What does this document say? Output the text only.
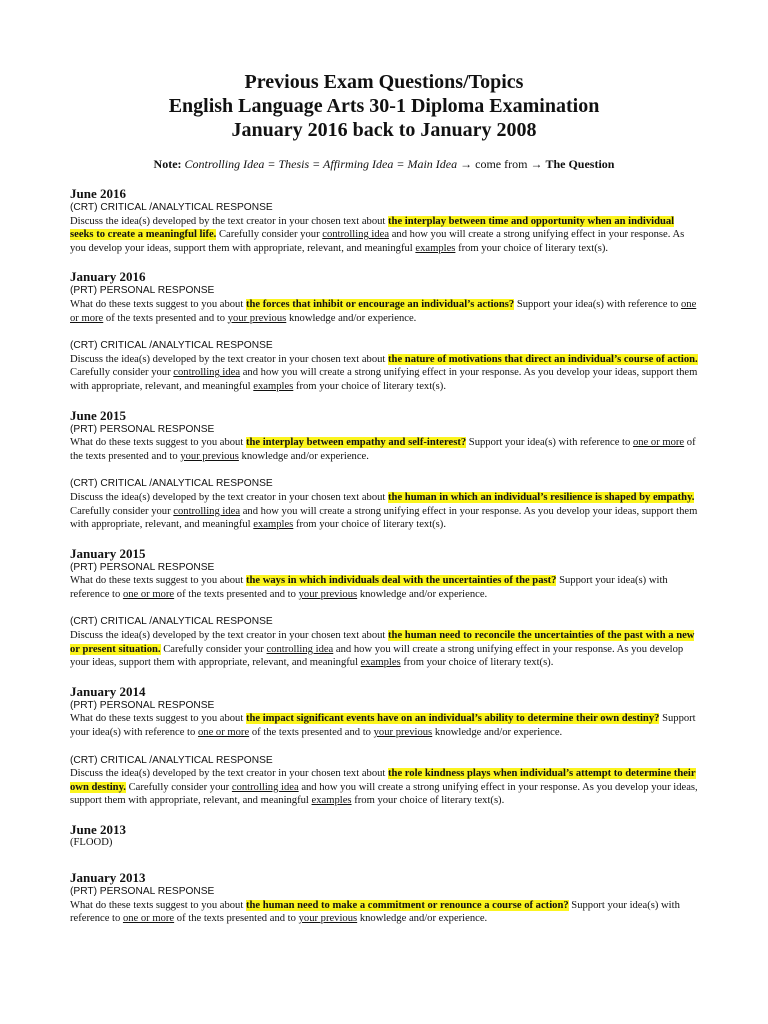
Previous Exam Questions/Topics

English Language Arts 30-1 Diploma Examination

January 2016 back to January 2008

Note: Controlling Idea = Thesis = Affirming Idea = Main Idea → come from → The Question

June 2016
(CRT) CRITICAL /ANALYTICAL RESPONSE
Discuss the idea(s) developed by the text creator in your chosen text about the interplay between time and opportunity when an individual seeks to create a meaningful life. Carefully consider your controlling idea and how you will create a strong unifying effect in your response. As you develop your ideas, support them with appropriate, relevant, and meaningful examples from your choice of literary text(s).
January 2016
(PRT) PERSONAL RESPONSE
What do these texts suggest to you about the forces that inhibit or encourage an individual’s actions? Support your idea(s) with reference to one or more of the texts presented and to your previous knowledge and/or experience.
(CRT) CRITICAL /ANALYTICAL RESPONSE
Discuss the idea(s) developed by the text creator in your chosen text about the nature of motivations that direct an individual’s course of action. Carefully consider your controlling idea and how you will create a strong unifying effect in your response. As you develop your ideas, support them with appropriate, relevant, and meaningful examples from your choice of literary text(s).
June 2015
(PRT) PERSONAL RESPONSE
What do these texts suggest to you about the interplay between empathy and self-interest? Support your idea(s) with reference to one or more of the texts presented and to your previous knowledge and/or experience.
(CRT) CRITICAL /ANALYTICAL RESPONSE
Discuss the idea(s) developed by the text creator in your chosen text about the human in which an individual’s resilience is shaped by empathy. Carefully consider your controlling idea and how you will create a strong unifying effect in your response. As you develop your ideas, support them with appropriate, relevant, and meaningful examples from your choice of literary text(s).
January 2015
(PRT) PERSONAL RESPONSE
What do these texts suggest to you about the ways in which individuals deal with the uncertainties of the past? Support your idea(s) with reference to one or more of the texts presented and to your previous knowledge and/or experience.
(CRT) CRITICAL /ANALYTICAL RESPONSE
Discuss the idea(s) developed by the text creator in your chosen text about the human need to reconcile the uncertainties of the past with a new or present situation. Carefully consider your controlling idea and how you will create a strong unifying effect in your response. As you develop your ideas, support them with appropriate, relevant, and meaningful examples from your choice of literary text(s).
January 2014
(PRT) PERSONAL RESPONSE
What do these texts suggest to you about the impact significant events have on an individual’s ability to determine their own destiny? Support your idea(s) with reference to one or more of the texts presented and to your previous knowledge and/or experience.
(CRT) CRITICAL /ANALYTICAL RESPONSE
Discuss the idea(s) developed by the text creator in your chosen text about the role kindness plays when individual’s attempt to determine their own destiny. Carefully consider your controlling idea and how you will create a strong unifying effect in your response. As you develop your ideas, support them with appropriate, relevant, and meaningful examples from your choice of literary text(s).
June 2013
(FLOOD)
January 2013
(PRT) PERSONAL RESPONSE
What do these texts suggest to you about the human need to make a commitment or renounce a course of action? Support your idea(s) with reference to one or more of the texts presented and to your previous knowledge and/or experience.
